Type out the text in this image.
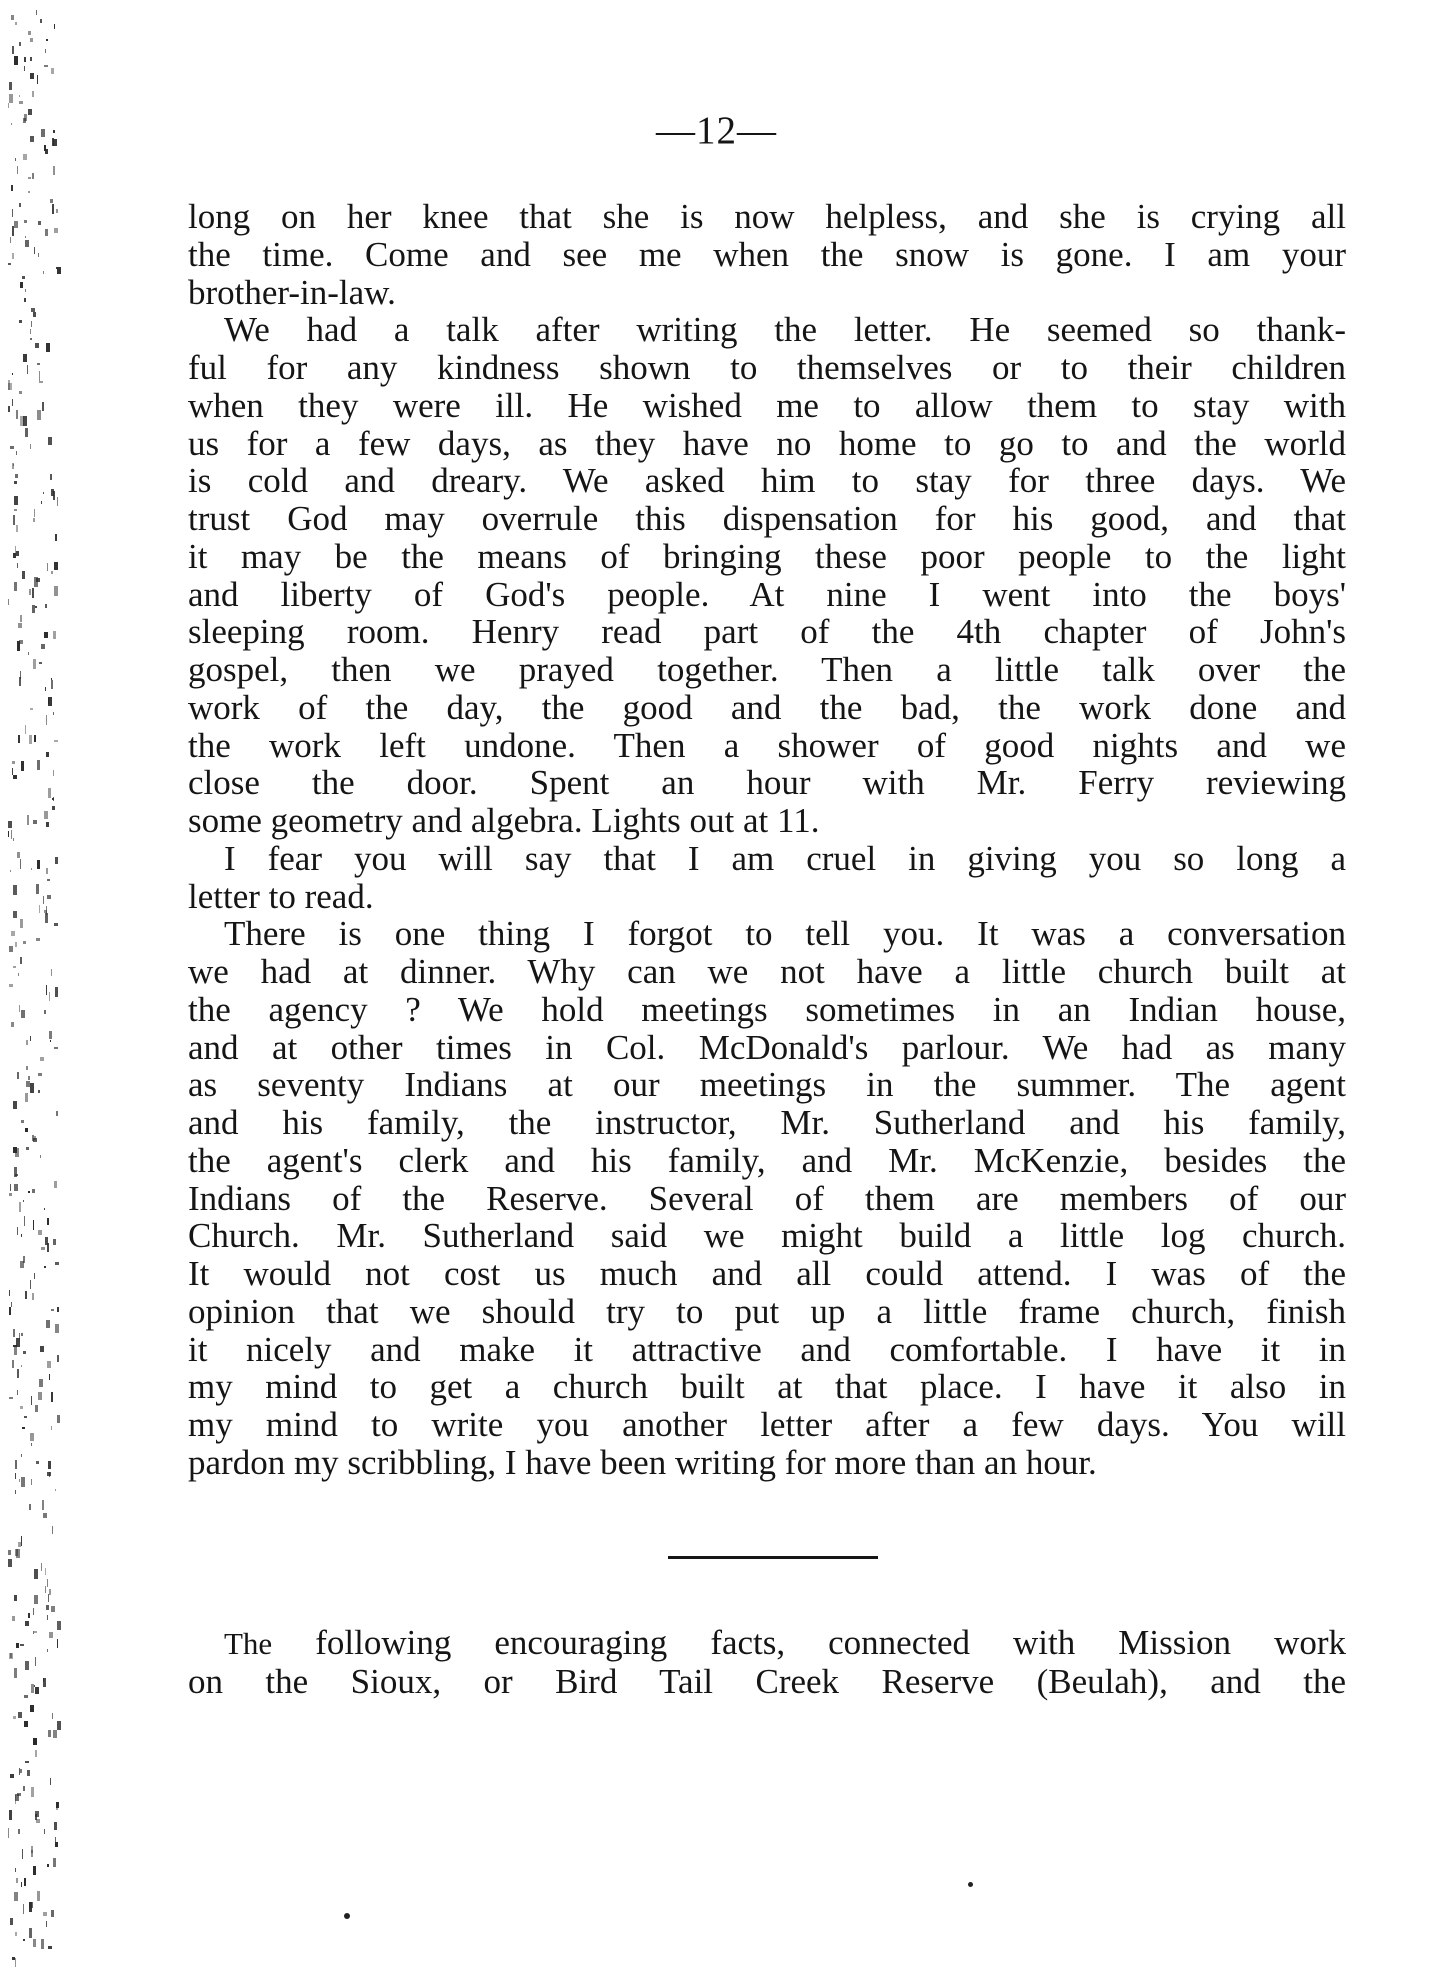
—12—
long on her knee that she is now helpless, and she is crying all
the time. Come and see me when the snow is gone. I am your
brother-in-law.
We had a talk after writing the letter. He seemed so thank-
ful for any kindness shown to themselves or to their children
when they were ill. He wished me to allow them to stay with
us for a few days, as they have no home to go to and the world
is cold and dreary. We asked him to stay for three days. We
trust God may overrule this dispensation for his good, and that
it may be the means of bringing these poor people to the light
and liberty of God's people. At nine I went into the boys'
sleeping room. Henry read part of the 4th chapter of John's
gospel, then we prayed together. Then a little talk over the
work of the day, the good and the bad, the work done and
the work left undone. Then a shower of good nights and we
close the door. Spent an hour with Mr. Ferry reviewing
some geometry and algebra. Lights out at 11.
I fear you will say that I am cruel in giving you so long a
letter to read.
There is one thing I forgot to tell you. It was a conversation
we had at dinner. Why can we not have a little church built at
the agency ? We hold meetings sometimes in an Indian house,
and at other times in Col. McDonald's parlour. We had as many
as seventy Indians at our meetings in the summer. The agent
and his family, the instructor, Mr. Sutherland and his family,
the agent's clerk and his family, and Mr. McKenzie, besides the
Indians of the Reserve. Several of them are members of our
Church. Mr. Sutherland said we might build a little log church.
It would not cost us much and all could attend. I was of the
opinion that we should try to put up a little frame church, finish
it nicely and make it attractive and comfortable. I have it in
my mind to get a church built at that place. I have it also in
my mind to write you another letter after a few days. You will
pardon my scribbling, I have been writing for more than an hour.
The following encouraging facts, connected with Mission work
on the Sioux, or Bird Tail Creek Reserve (Beulah), and the
